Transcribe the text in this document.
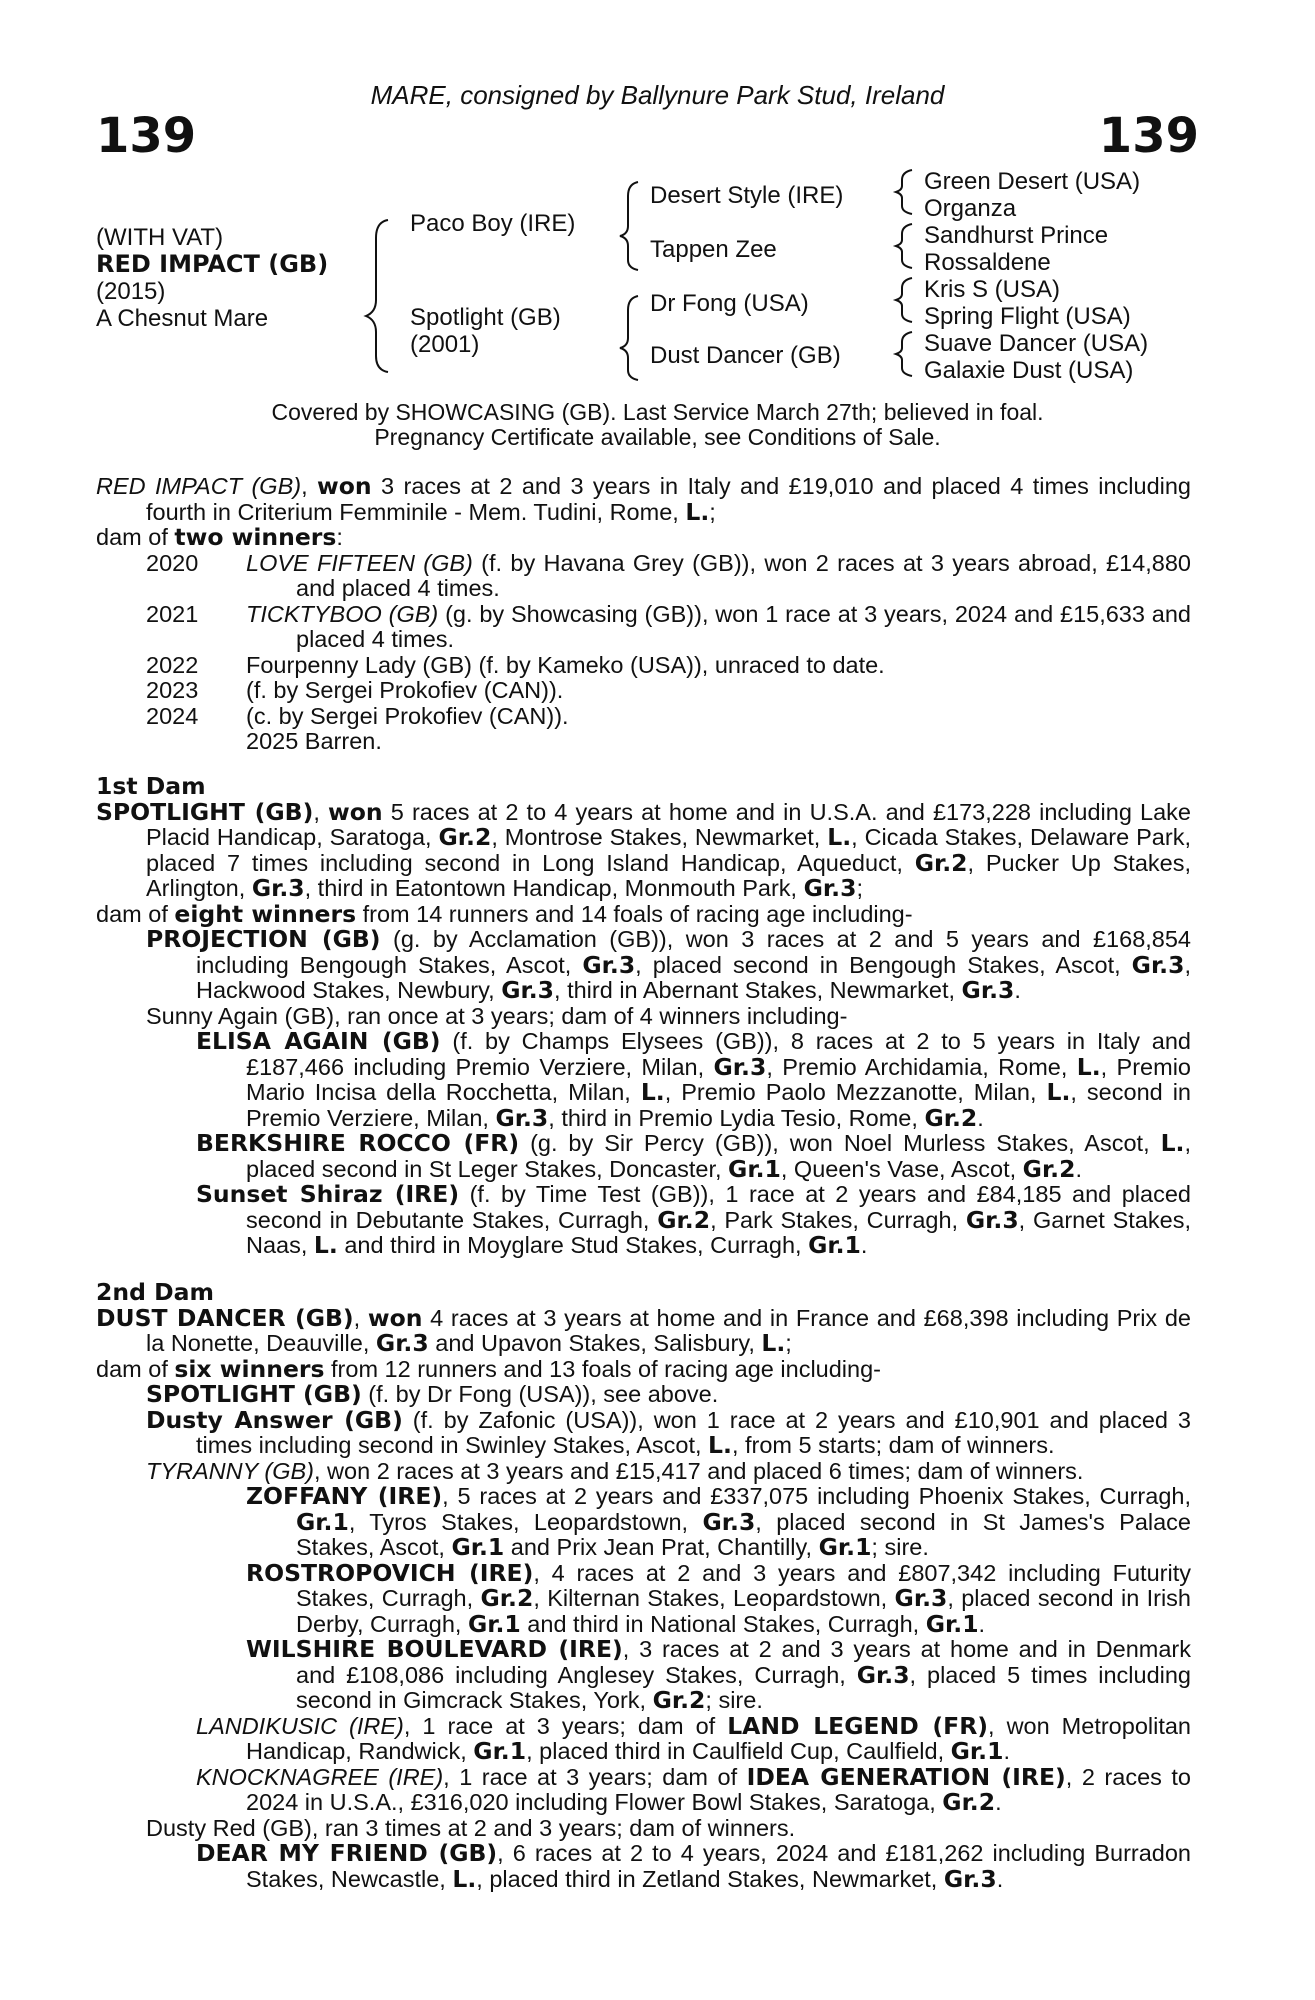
MARE, consigned by Ballynure Park Stud, Ireland
139	139
(WITH VAT)
RED IMPACT (GB)
(2015)
A Chesnut Mare
Paco Boy (IRE)
Spotlight (GB)
(2001)
Desert Style (IRE)
Tappen Zee
Dr Fong (USA)
Dust Dancer (GB)
Green Desert (USA)
Organza
Sandhurst Prince
Rossaldene
Kris S (USA)
Spring Flight (USA)
Suave Dancer (USA)
Galaxie Dust (USA)
Covered by SHOWCASING (GB). Last Service March 27th; believed in foal.
Pregnancy Certificate available, see Conditions of Sale.

RED IMPACT (GB), won 3 races at 2 and 3 years in Italy and £19,010 and placed 4 times including fourth in Criterium Femminile - Mem. Tudini, Rome, L.;

dam of two winners:

2020	LOVE FIFTEEN (GB) (f. by Havana Grey (GB)), won 2 races at 3 years abroad, £14,880 and placed 4 times.
2021	TICKTYBOO (GB) (g. by Showcasing (GB)), won 1 race at 3 years, 2024 and £15,633 and placed 4 times.
2022	Fourpenny Lady (GB) (f. by Kameko (USA)), unraced to date.
2023	(f. by Sergei Prokofiev (CAN)).
2024	(c. by Sergei Prokofiev (CAN)).
2025 Barren.

1st Dam

SPOTLIGHT (GB), won 5 races at 2 to 4 years at home and in U.S.A. and £173,228 including Lake Placid Handicap, Saratoga, Gr.2, Montrose Stakes, Newmarket, L., Cicada Stakes, Delaware Park, placed 7 times including second in Long Island Handicap, Aqueduct, Gr.2, Pucker Up Stakes, Arlington, Gr.3, third in Eatontown Handicap, Monmouth Park, Gr.3;

dam of eight winners from 14 runners and 14 foals of racing age including-

PROJECTION (GB) (g. by Acclamation (GB)), won 3 races at 2 and 5 years and £168,854 including Bengough Stakes, Ascot, Gr.3, placed second in Bengough Stakes, Ascot, Gr.3, Hackwood Stakes, Newbury, Gr.3, third in Abernant Stakes, Newmarket, Gr.3.

Sunny Again (GB), ran once at 3 years; dam of 4 winners including-

ELISA AGAIN (GB) (f. by Champs Elysees (GB)), 8 races at 2 to 5 years in Italy and £187,466 including Premio Verziere, Milan, Gr.3, Premio Archidamia, Rome, L., Premio Mario Incisa della Rocchetta, Milan, L., Premio Paolo Mezzanotte, Milan, L., second in Premio Verziere, Milan, Gr.3, third in Premio Lydia Tesio, Rome, Gr.2.

BERKSHIRE ROCCO (FR) (g. by Sir Percy (GB)), won Noel Murless Stakes, Ascot, L., placed second in St Leger Stakes, Doncaster, Gr.1, Queen's Vase, Ascot, Gr.2.

Sunset Shiraz (IRE) (f. by Time Test (GB)), 1 race at 2 years and £84,185 and placed second in Debutante Stakes, Curragh, Gr.2, Park Stakes, Curragh, Gr.3, Garnet Stakes, Naas, L. and third in Moyglare Stud Stakes, Curragh, Gr.1.

2nd Dam

DUST DANCER (GB), won 4 races at 3 years at home and in France and £68,398 including Prix de la Nonette, Deauville, Gr.3 and Upavon Stakes, Salisbury, L.;

dam of six winners from 12 runners and 13 foals of racing age including-

SPOTLIGHT (GB) (f. by Dr Fong (USA)), see above.

Dusty Answer (GB) (f. by Zafonic (USA)), won 1 race at 2 years and £10,901 and placed 3 times including second in Swinley Stakes, Ascot, L., from 5 starts; dam of winners.

TYRANNY (GB), won 2 races at 3 years and £15,417 and placed 6 times; dam of winners.

ZOFFANY (IRE), 5 races at 2 years and £337,075 including Phoenix Stakes, Curragh, Gr.1, Tyros Stakes, Leopardstown, Gr.3, placed second in St James's Palace Stakes, Ascot, Gr.1 and Prix Jean Prat, Chantilly, Gr.1; sire.

ROSTROPOVICH (IRE), 4 races at 2 and 3 years and £807,342 including Futurity Stakes, Curragh, Gr.2, Kilternan Stakes, Leopardstown, Gr.3, placed second in Irish Derby, Curragh, Gr.1 and third in National Stakes, Curragh, Gr.1.

WILSHIRE BOULEVARD (IRE), 3 races at 2 and 3 years at home and in Denmark and £108,086 including Anglesey Stakes, Curragh, Gr.3, placed 5 times including second in Gimcrack Stakes, York, Gr.2; sire.

LANDIKUSIC (IRE), 1 race at 3 years; dam of LAND LEGEND (FR), won Metropolitan Handicap, Randwick, Gr.1, placed third in Caulfield Cup, Caulfield, Gr.1.

KNOCKNAGREE (IRE), 1 race at 3 years; dam of IDEA GENERATION (IRE), 2 races to 2024 in U.S.A., £316,020 including Flower Bowl Stakes, Saratoga, Gr.2.

Dusty Red (GB), ran 3 times at 2 and 3 years; dam of winners.

DEAR MY FRIEND (GB), 6 races at 2 to 4 years, 2024 and £181,262 including Burradon Stakes, Newcastle, L., placed third in Zetland Stakes, Newmarket, Gr.3.
